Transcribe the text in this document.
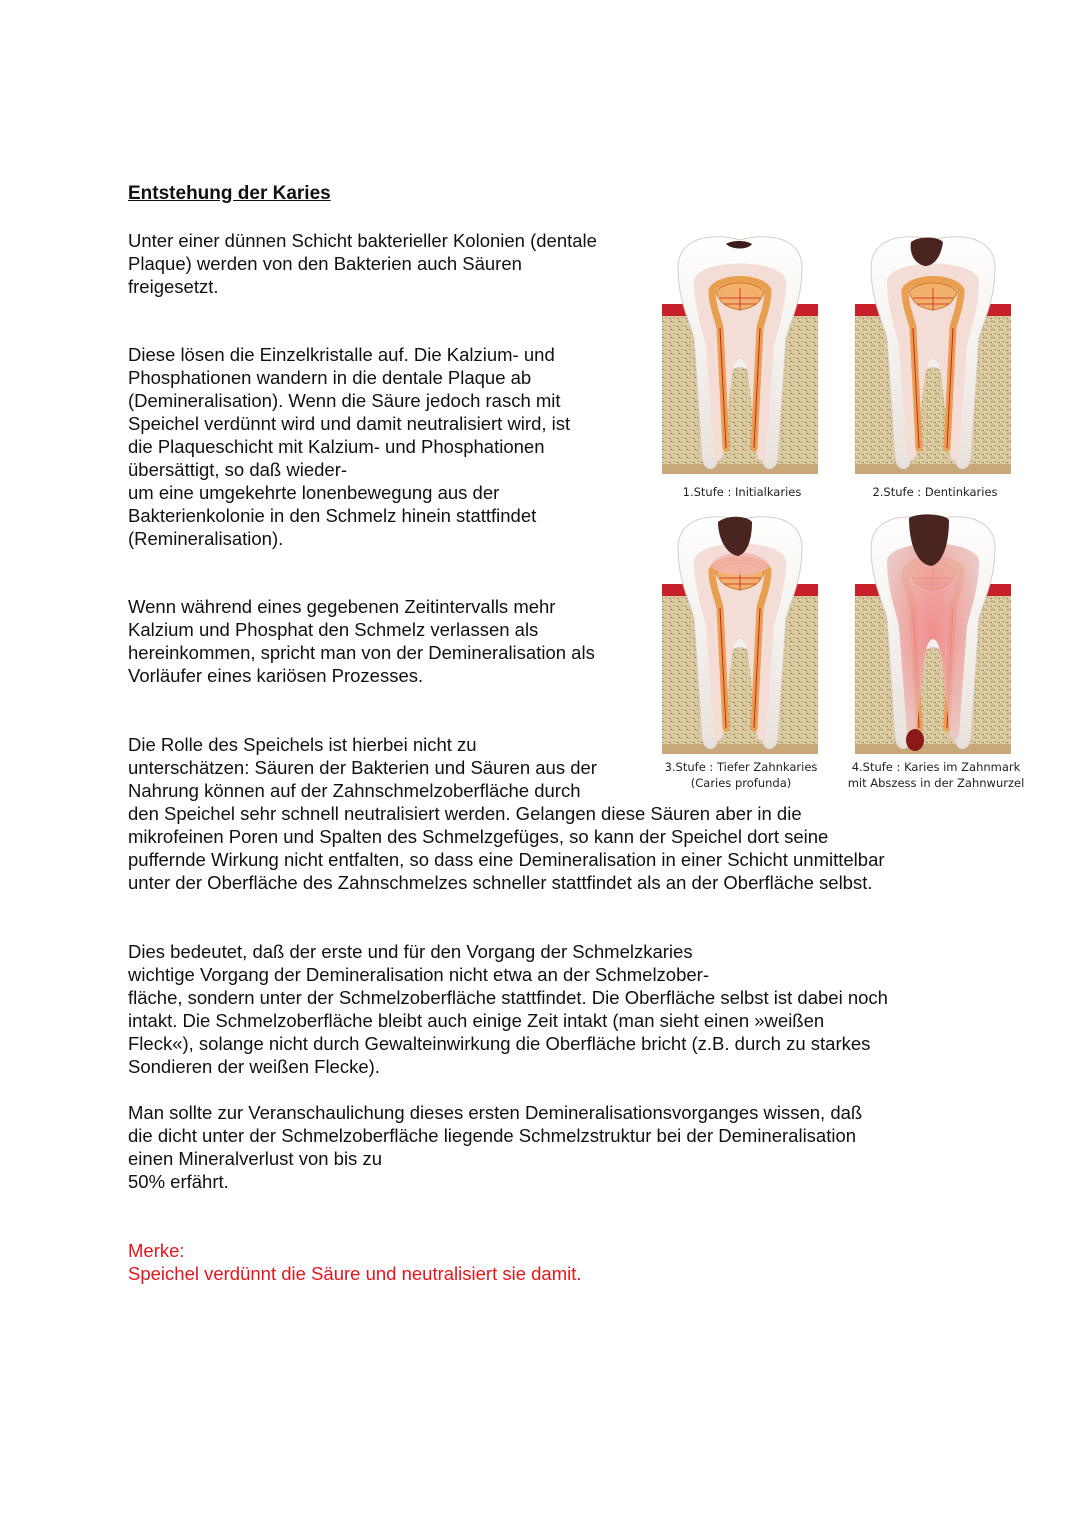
Entstehung der Karies
Unter einer dünnen Schicht bakterieller Kolonien (dentale
Plaque) werden von den Bakterien auch Säuren
freigesetzt.
Diese lösen die Einzelkristalle auf. Die Kalzium- und
Phosphationen wandern in die dentale Plaque ab
(Demineralisation). Wenn die Säure jedoch rasch mit
Speichel verdünnt wird und damit neutralisiert wird, ist
die Plaqueschicht mit Kalzium- und Phosphationen
übersättigt, so daß wieder-
um eine umgekehrte lonenbewegung aus der
Bakterienkolonie in den Schmelz hinein stattfindet
(Remineralisation).
Wenn während eines gegebenen Zeitintervalls mehr
Kalzium und Phosphat den Schmelz verlassen als
hereinkommen, spricht man von der Demineralisation als
Vorläufer eines kariösen Prozesses.
Die Rolle des Speichels ist hierbei nicht zu
unterschätzen: Säuren der Bakterien und Säuren aus der
Nahrung können auf der Zahnschmelzoberfläche durch
den Speichel sehr schnell neutralisiert werden. Gelangen diese Säuren aber in die
mikrofeinen Poren und Spalten des Schmelzgefüges, so kann der Speichel dort seine
puffernde Wirkung nicht entfalten, so dass eine Demineralisation in einer Schicht unmittelbar
unter der Oberfläche des Zahnschmelzes schneller stattfindet als an der Oberfläche selbst.
Dies bedeutet, daß der erste und für den Vorgang der Schmelzkaries
wichtige Vorgang der Demineralisation nicht etwa an der Schmelzober-
fläche, sondern unter der Schmelzoberfläche stattfindet. Die Oberfläche selbst ist dabei noch
intakt. Die Schmelzoberfläche bleibt auch einige Zeit intakt (man sieht einen »weißen
Fleck«), solange nicht durch Gewalteinwirkung die Oberfläche bricht (z.B. durch zu starkes
Sondieren der weißen Flecke).
Man sollte zur Veranschaulichung dieses ersten Demineralisationsvorganges wissen, daß
die dicht unter der Schmelzoberfläche liegende Schmelzstruktur bei der Demineralisation
einen Mineralverlust von bis zu
50% erfährt.
Merke:
Speichel verdünnt die Säure und neutralisiert sie damit.
1.Stufe : Initialkaries	2.Stufe : Dentinkaries
3.Stufe : Tiefer Zahnkaries
(Caries profunda)
4.Stufe : Karies im Zahnmark
mit Abszess in der Zahnwurzel
